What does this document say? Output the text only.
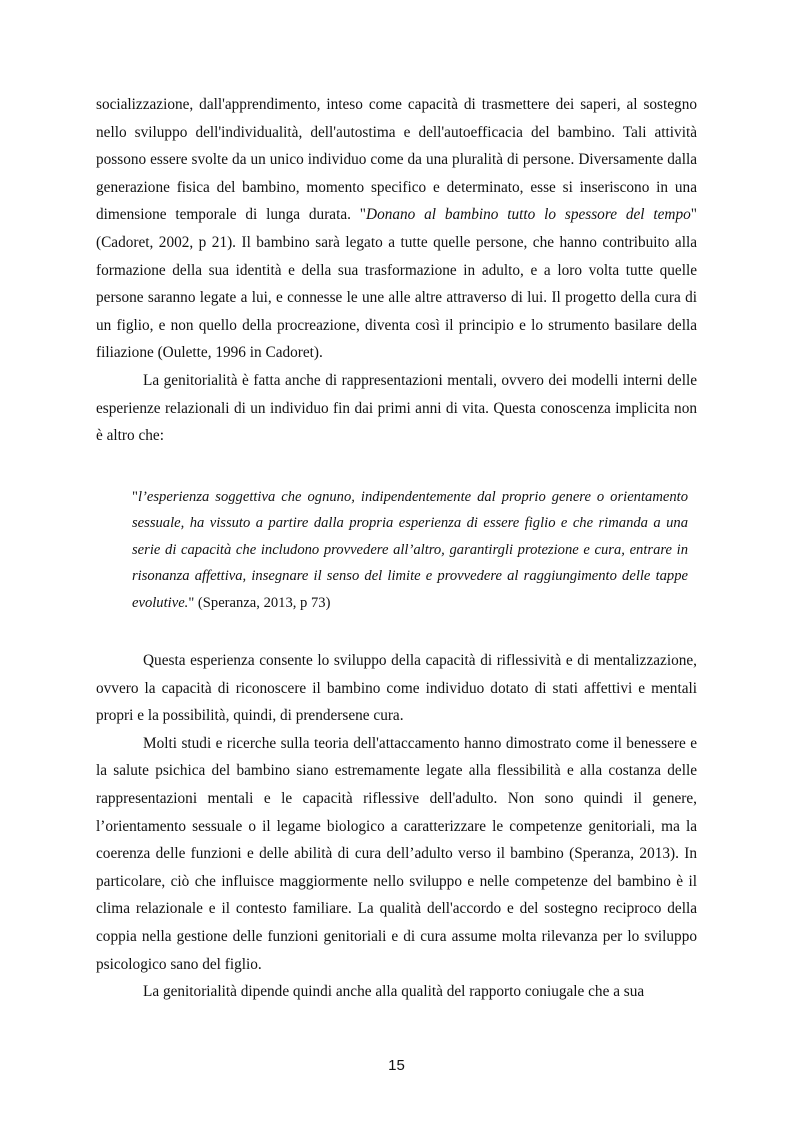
socializzazione, dall'apprendimento, inteso come capacità di trasmettere dei saperi, al sostegno nello sviluppo dell'individualità, dell'autostima e dell'autoefficacia del bambino. Tali attività possono essere svolte da un unico individuo come da una pluralità di persone. Diversamente dalla generazione fisica del bambino, momento specifico e determinato, esse si inseriscono in una dimensione temporale di lunga durata. "Donano al bambino tutto lo spessore del tempo" (Cadoret, 2002, p 21). Il bambino sarà legato a tutte quelle persone, che hanno contribuito alla formazione della sua identità e della sua trasformazione in adulto, e a loro volta tutte quelle persone saranno legate a lui, e connesse le une alle altre attraverso di lui. Il progetto della cura di un figlio, e non quello della procreazione, diventa così il principio e lo strumento basilare della filiazione (Oulette, 1996 in Cadoret).

La genitorialità è fatta anche di rappresentazioni mentali, ovvero dei modelli interni delle esperienze relazionali di un individuo fin dai primi anni di vita. Questa conoscenza implicita non è altro che:

"l’esperienza soggettiva che ognuno, indipendentemente dal proprio genere o orientamento sessuale, ha vissuto a partire dalla propria esperienza di essere figlio e che rimanda a una serie di capacità che includono provvedere all’altro, garantirgli protezione e cura, entrare in risonanza affettiva, insegnare il senso del limite e provvedere al raggiungimento delle tappe evolutive." (Speranza, 2013, p 73)

Questa esperienza consente lo sviluppo della capacità di riflessività e di mentalizzazione, ovvero la capacità di riconoscere il bambino come individuo dotato di stati affettivi e mentali propri e la possibilità, quindi, di prendersene cura.

Molti studi e ricerche sulla teoria dell'attaccamento hanno dimostrato come il benessere e la salute psichica del bambino siano estremamente legate alla flessibilità e alla costanza delle rappresentazioni mentali e le capacità riflessive dell'adulto. Non sono quindi il genere, l’orientamento sessuale o il legame biologico a caratterizzare le competenze genitoriali, ma la coerenza delle funzioni e delle abilità di cura dell’adulto verso il bambino (Speranza, 2013). In particolare, ciò che influisce maggiormente nello sviluppo e nelle competenze del bambino è il clima relazionale e il contesto familiare. La qualità dell'accordo e del sostegno reciproco della coppia nella gestione delle funzioni genitoriali e di cura assume molta rilevanza per lo sviluppo psicologico sano del figlio.

La genitorialità dipende quindi anche alla qualità del rapporto coniugale che a sua

15
